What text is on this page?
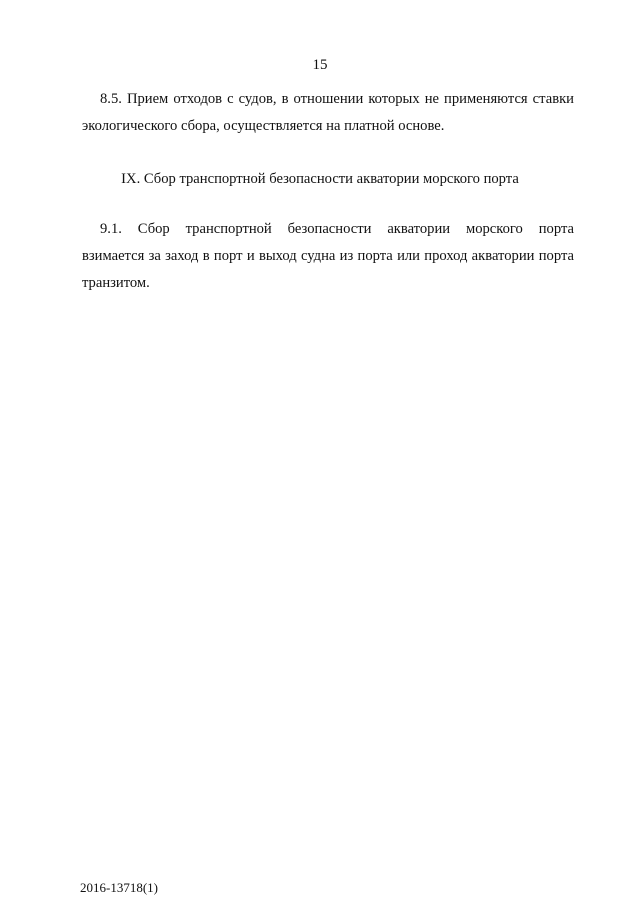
15

8.5. Прием отходов с судов, в отношении которых не применяются ставки
экологического сбора, осуществляется на платной основе.

IX. Сбор транспортной безопасности акватории морского порта

9.1. Сбор транспортной безопасности акватории морского порта
взимается за заход в порт и выход судна из порта или проход акватории порта
транзитом.

2016-13718(1)
